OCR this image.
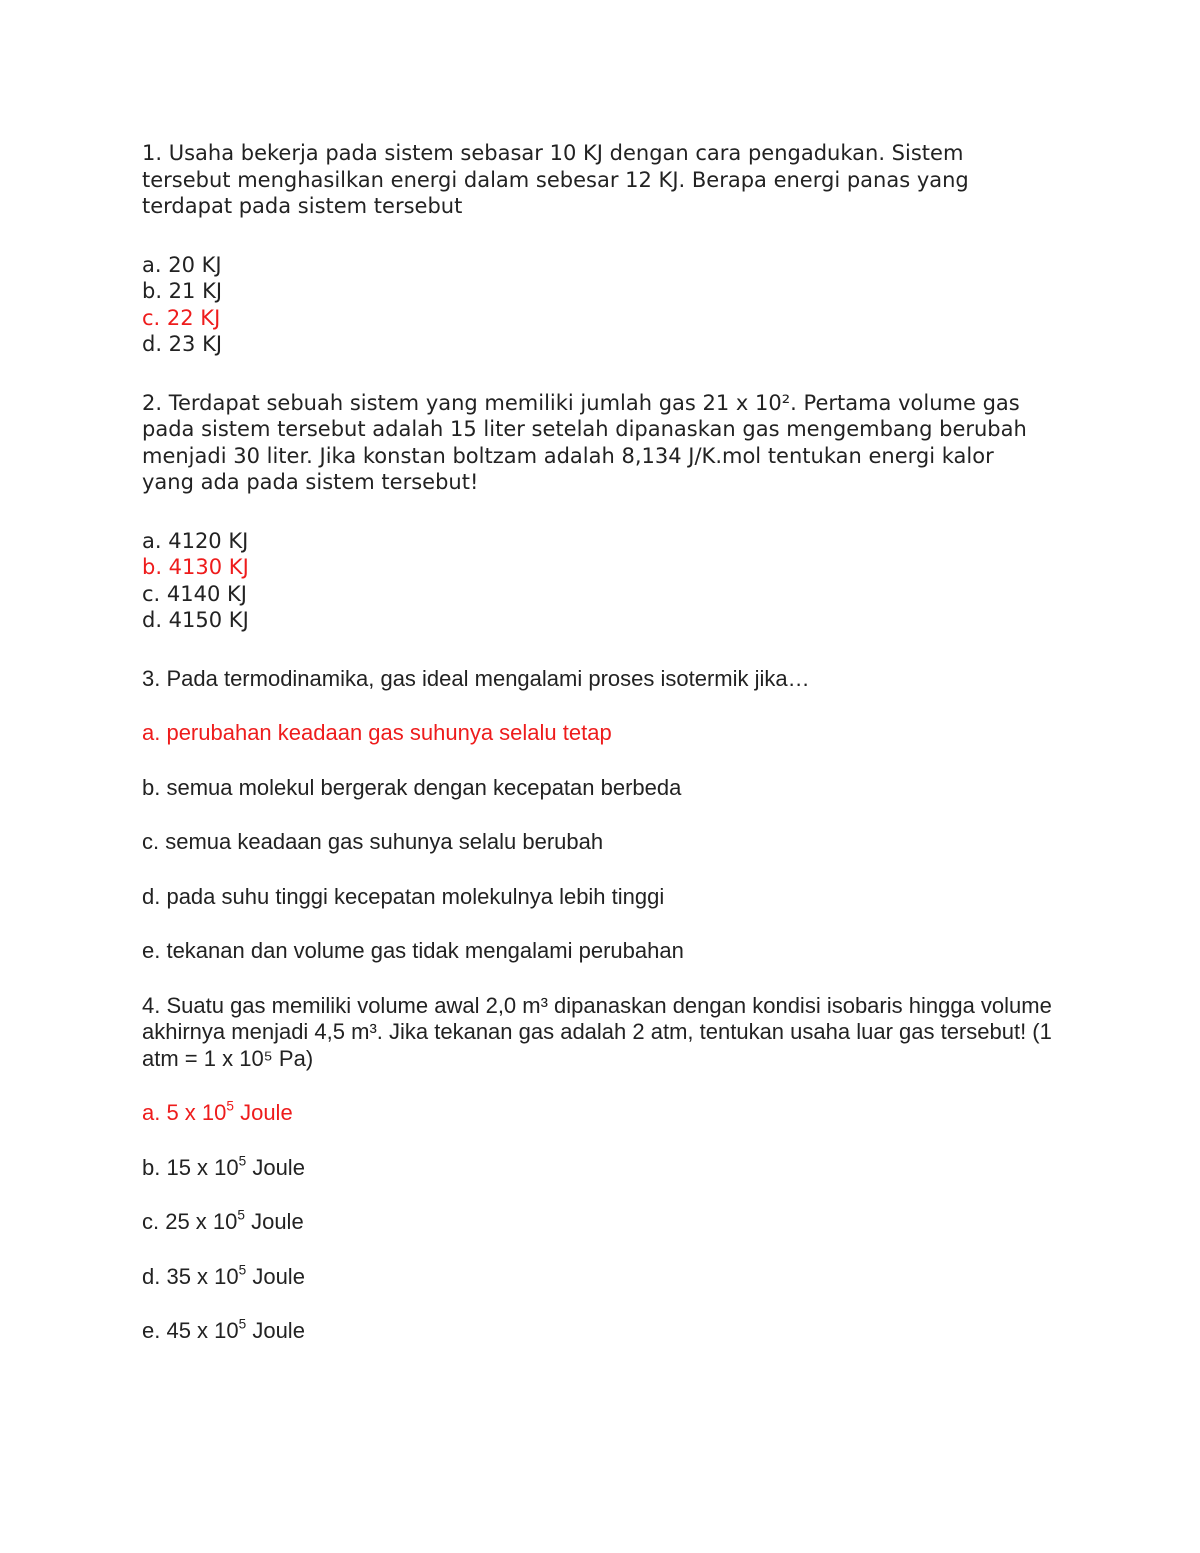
1. Usaha bekerja pada sistem sebasar 10 KJ dengan cara pengadukan. Sistem tersebut menghasilkan energi dalam sebesar 12 KJ. Berapa energi panas yang terdapat pada sistem tersebut

a. 20 KJ
b. 21 KJ
c. 22 KJ
d. 23 KJ

2. Terdapat sebuah sistem yang memiliki jumlah gas 21 x 10². Pertama volume gas pada sistem tersebut adalah 15 liter setelah dipanaskan gas mengembang berubah menjadi 30 liter. Jika konstan boltzam adalah 8,134 J/K.mol tentukan energi kalor yang ada pada sistem tersebut!

a. 4120 KJ
b. 4130 KJ
c. 4140 KJ
d. 4150 KJ

3. Pada termodinamika, gas ideal mengalami proses isotermik jika…

a. perubahan keadaan gas suhunya selalu tetap

b. semua molekul bergerak dengan kecepatan berbeda

c. semua keadaan gas suhunya selalu berubah

d. pada suhu tinggi kecepatan molekulnya lebih tinggi

e. tekanan dan volume gas tidak mengalami perubahan

4. Suatu gas memiliki volume awal 2,0 m³ dipanaskan dengan kondisi isobaris hingga volume akhirnya menjadi 4,5 m³. Jika tekanan gas adalah 2 atm, tentukan usaha luar gas tersebut! (1 atm = 1 x 10⁵ Pa)

a. 5 x $10^5$ Joule

b. 15 x $10^5$ Joule

c. 25 x $10^5$ Joule

d. 35 x $10^5$ Joule

e. 45 x $10^5$ Joule
